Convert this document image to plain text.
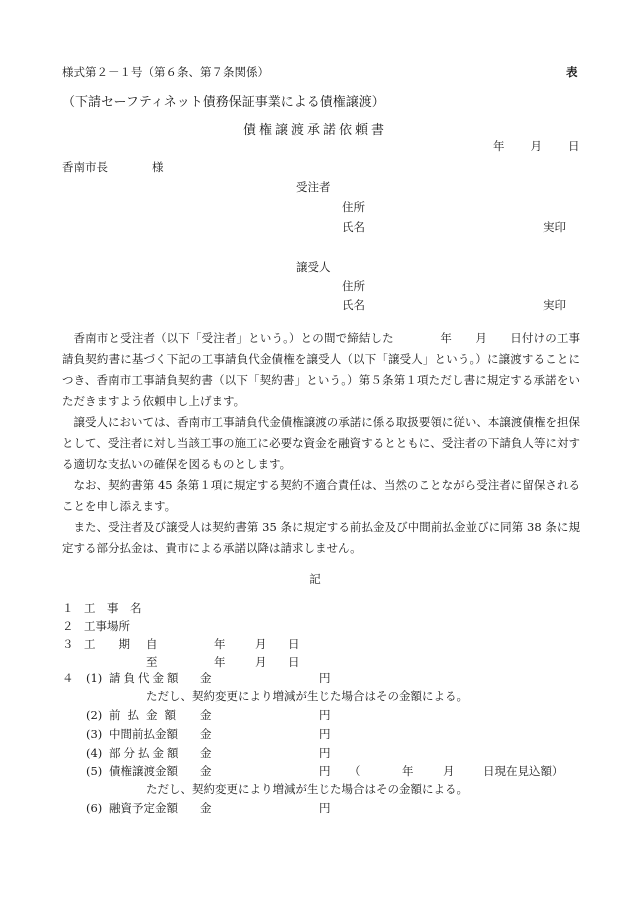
様式第２－１号（第６条、第７条関係）	表
（下請セーフティネット債務保証事業による債権譲渡）
債権譲渡承諾依頼書
年 月 日
香南市長	様
受注者
住所
氏名	実印
譲受人
住所
氏名	実印

香南市と受注者（以下「受注者」という。）との間で締結した　　　　年　　月　　日付けの工事請負契約書に基づく下記の工事請負代金債権を譲受人（以下「譲受人」という。）に譲渡することにつき、香南市工事請負契約書（以下「契約書」という。）第５条第１項ただし書に規定する承諾をいただきますよう依頼申し上げます。

譲受人においては、香南市工事請負代金債権譲渡の承諾に係る取扱要領に従い、本譲渡債権を担保として、受注者に対し当該工事の施工に必要な資金を融資するとともに、受注者の下請負人等に対する適切な支払いの確保を図るものとします。

なお、契約書第 45 条第１項に規定する契約不適合責任は、当然のことながら受注者に留保されることを申し添えます。

また、受注者及び譲受人は契約書第 35 条に規定する前払金及び中間前払金並びに同第 38 条に規定する部分払金は、貴市による承諾以降は請求しません。

記
１ 工　事　名
２ 工事場所
３ 工　　期 自	年	月 日
至	年	月 日
４ (1) 請負代金額 金	円
ただし、契約変更により増減が生じた場合はその金額による。
(2) 前払金額 金	円
(3) 中間前払金額 金	円
(4) 部分払金額 金	円
(5) 債権譲渡金額 金	円 （	年	月 日現在見込額）
ただし、契約変更により増減が生じた場合はその金額による。
(6) 融資予定金額 金	円
